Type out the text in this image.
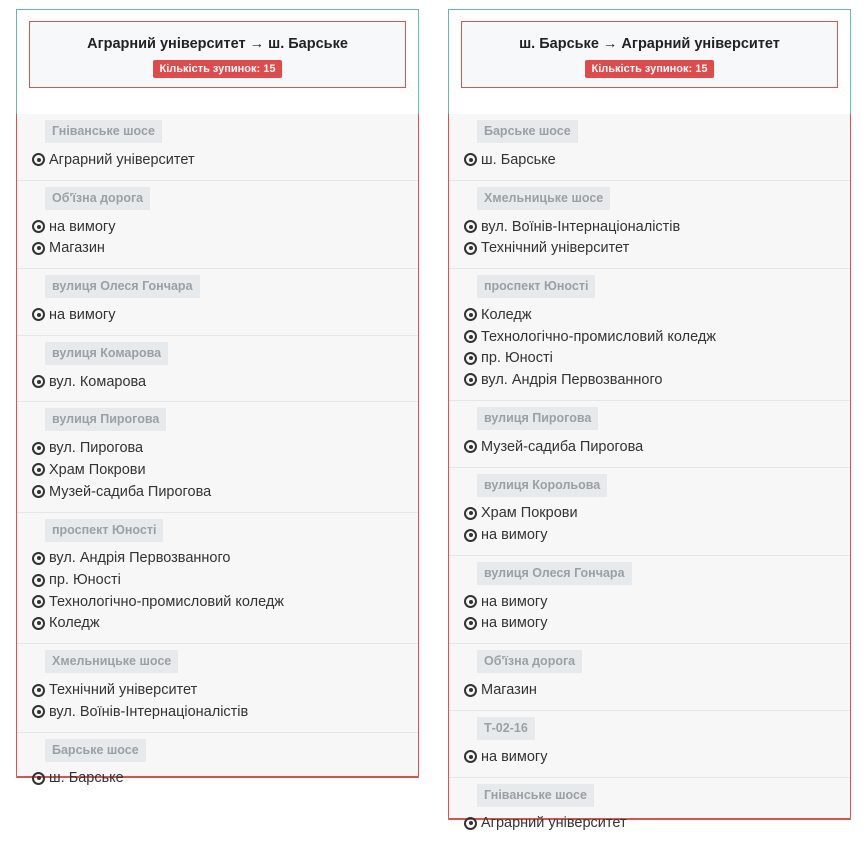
Аграрний університет → ш. Барське
Кількість зупинок: 15
Гніванське шосе
Аграрний університет
Об'їзна дорога
на вимогу
Магазин
вулиця Олеся Гончара
на вимогу
вулиця Комарова
вул. Комарова
вулиця Пирогова
вул. Пирогова
Храм Покрови
Музей-садиба Пирогова
проспект Юності
вул. Андрія Первозванного
пр. Юності
Технологічно-промисловий коледж
Коледж
Хмельницьке шосе
Технічний університет
вул. Воїнів-Інтернаціоналістів
Барське шосе
ш. Барське
ш. Барське → Аграрний університет
Кількість зупинок: 15
Барське шосе
ш. Барське
Хмельницьке шосе
вул. Воїнів-Інтернаціоналістів
Технічний університет
проспект Юності
Коледж
Технологічно-промисловий коледж
пр. Юності
вул. Андрія Первозванного
вулиця Пирогова
Музей-садиба Пирогова
вулиця Корольова
Храм Покрови
на вимогу
вулиця Олеся Гончара
на вимогу
на вимогу
Об'їзна дорога
Магазин
Т-02-16
на вимогу
Гніванське шосе
Аграрний університет
